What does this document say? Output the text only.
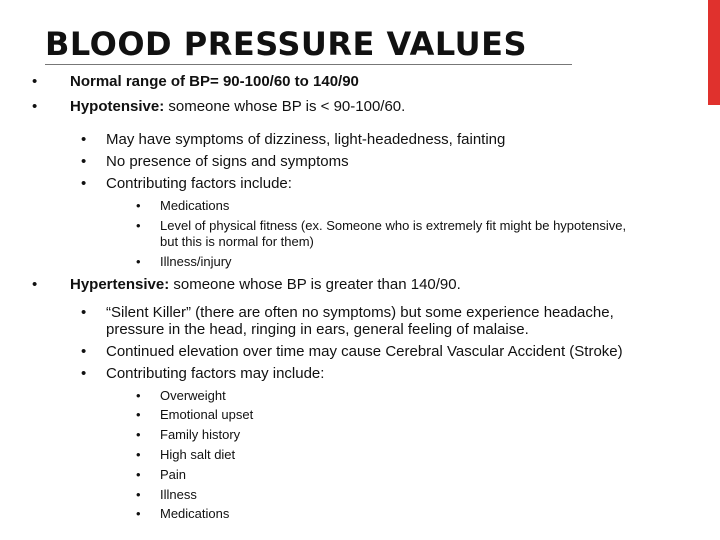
BLOOD PRESSURE VALUES
• Normal range of BP= 90-100/60 to 140/90
• Hypotensive: someone whose BP is < 90-100/60.
• May have symptoms of dizziness, light-headedness, fainting
• No presence of signs and symptoms
• Contributing factors include:
• Medications
• Level of physical fitness (ex. Someone who is extremely fit might be hypotensive,
but this is normal for them)
• Illness/injury
• Hypertensive: someone whose BP is greater than 140/90.
• “Silent Killer” (there are often no symptoms) but some experience headache,
pressure in the head, ringing in ears, general feeling of malaise.
• Continued elevation over time may cause Cerebral Vascular Accident (Stroke)
• Contributing factors may include:
• Overweight
• Emotional upset
• Family history
• High salt diet
• Pain
• Illness
• Medications
